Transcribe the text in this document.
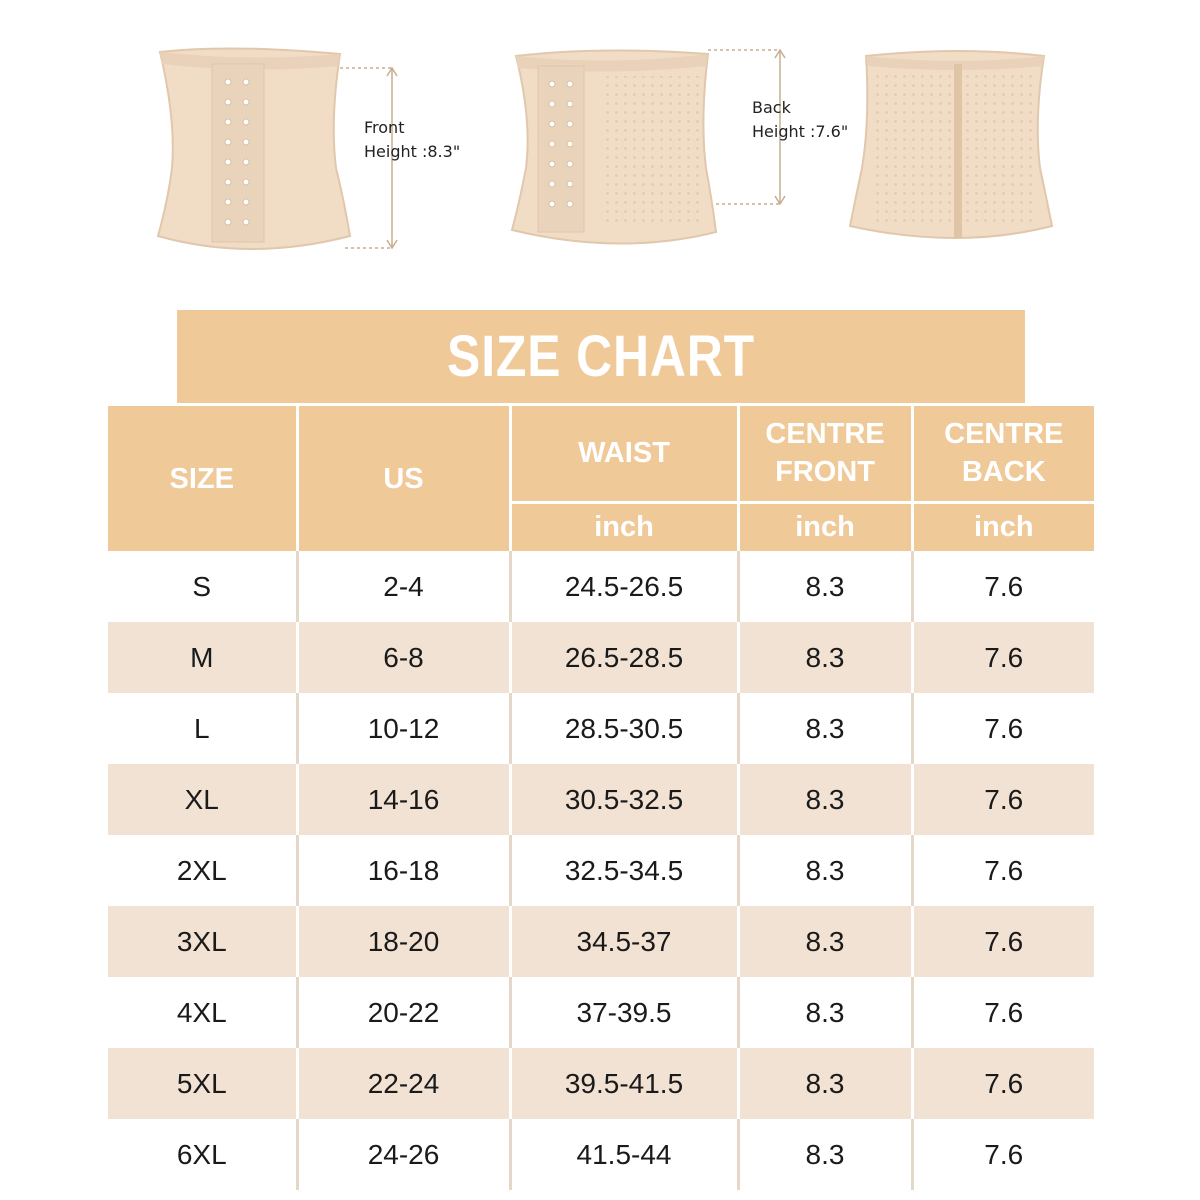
Front
Height :8.3"
Back
Height :7.6"
SIZE CHART
SIZE	US	WAIST	CENTRE FRONT	CENTRE BACK
		inch	inch	inch
S	2-4	24.5-26.5	8.3	7.6
M	6-8	26.5-28.5	8.3	7.6
L	10-12	28.5-30.5	8.3	7.6
XL	14-16	30.5-32.5	8.3	7.6
2XL	16-18	32.5-34.5	8.3	7.6
3XL	18-20	34.5-37	8.3	7.6
4XL	20-22	37-39.5	8.3	7.6
5XL	22-24	39.5-41.5	8.3	7.6
6XL	24-26	41.5-44	8.3	7.6
